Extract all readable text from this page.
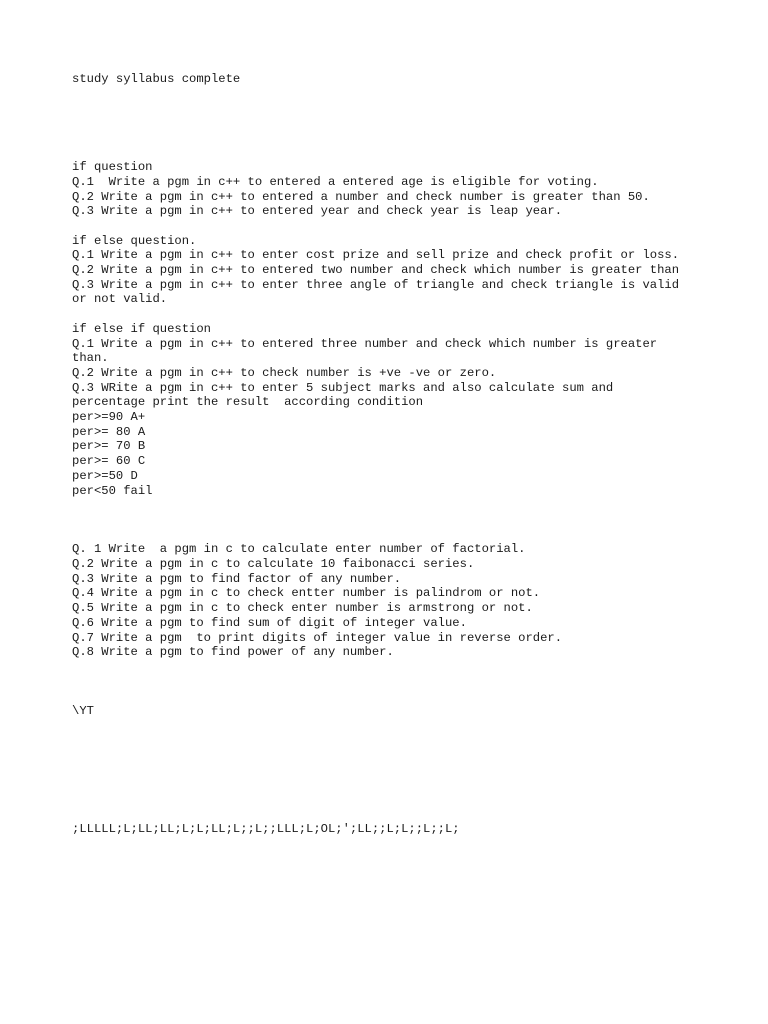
study syllabus complete
if question
Q.1  Write a pgm in c++ to entered a entered age is eligible for voting.
Q.2 Write a pgm in c++ to entered a number and check number is greater than 50.
Q.3 Write a pgm in c++ to entered year and check year is leap year.
if else question.
Q.1 Write a pgm in c++ to enter cost prize and sell prize and check profit or loss.
Q.2 Write a pgm in c++ to entered two number and check which number is greater than
Q.3 Write a pgm in c++ to enter three angle of triangle and check triangle is valid
or not valid.
if else if question
Q.1 Write a pgm in c++ to entered three number and check which number is greater
than.
Q.2 Write a pgm in c++ to check number is +ve -ve or zero.
Q.3 WRite a pgm in c++ to enter 5 subject marks and also calculate sum and
percentage print the result  according condition
per>=90 A+
per>= 80 A
per>= 70 B
per>= 60 C
per>=50 D
per<50 fail
Q. 1 Write  a pgm in c to calculate enter number of factorial.
Q.2 Write a pgm in c to calculate 10 faibonacci series.
Q.3 Write a pgm to find factor of any number.
Q.4 Write a pgm in c to check entter number is palindrom or not.
Q.5 Write a pgm in c to check enter number is armstrong or not.
Q.6 Write a pgm to find sum of digit of integer value.
Q.7 Write a pgm  to print digits of integer value in reverse order.
Q.8 Write a pgm to find power of any number.
\YT
;LLLLL;L;LL;LL;L;L;LL;L;;L;;LLL;L;OL;';LL;;L;L;;L;;L;
